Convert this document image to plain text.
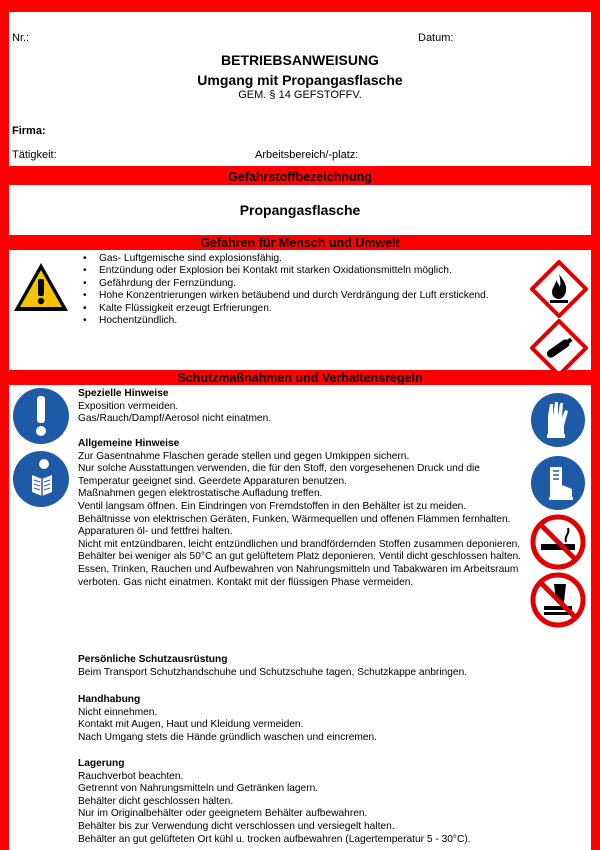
Nr.:	Datum:
BETRIEBSANWEISUNG
Umgang mit Propangasflasche
GEM. § 14 GEFSTOFFV.
Firma:
Tätigkeit:	Arbeitsbereich/-platz:
Gefahrstoffbezeichnung
Propangasflasche
Gefahren für Mensch und Umwelt
• Gas- Luftgemische sind explosionsfähig.
• Entzündung oder Explosion bei Kontakt mit starken Oxidationsmitteln möglich.
• Gefährdung der Fernzündung.
• Hohe Konzentrierungen wirken betäubend und durch Verdrängung der Luft erstickend.
• Kalte Flüssigkeit erzeugt Erfrierungen.
• Hochentzündlich.
Schutzmaßnahmen und Verhaltensregeln
Spezielle Hinweise
Exposition vermeiden.
Gas/Rauch/Dampf/Aerosol nicht einatmen.
Allgemeine Hinweise
Zur Gasentnahme Flaschen gerade stellen und gegen Umkippen sichern.
Nur solche Ausstattungen verwenden, die für den Stoff, den vorgesehenen Druck und die Temperatur geeignet sind. Geerdete Apparaturen benutzen.
Maßnahmen gegen elektrostatische Aufladung treffen.
Ventil langsam öffnen. Ein Eindringen von Fremdstoffen in den Behälter ist zu meiden.
Behältnisse von elektrischen Geräten, Funken, Wärmequellen und offenen Flammen fernhalten.
Apparaturen öl- und fettfrei halten.
Nicht mit entzündbaren, leicht entzündlichen und brandfördernden Stoffen zusammen deponieren.
Behälter bei weniger als 50°C an gut gelüftetem Platz deponieren. Ventil dicht geschlossen halten.
Essen, Trinken, Rauchen und Aufbewahren von Nahrungsmitteln und Tabakwaren im Arbeitsraum verboten. Gas nicht einatmen. Kontakt mit der flüssigen Phase vermeiden.
Persönliche Schutzausrüstung
Beim Transport Schutzhandschuhe und Schutzschuhe tagen, Schutzkappe anbringen.
Handhabung
Nicht einnehmen.
Kontakt mit Augen, Haut und Kleidung vermeiden.
Nach Umgang stets die Hände gründlich waschen und eincremen.
Lagerung
Rauchverbot beachten.
Getrennt von Nahrungsmitteln und Getränken lagern.
Behälter dicht geschlossen halten.
Nur im Originalbehälter oder geeignetem Behälter aufbewahren.
Behälter bis zur Verwendung dicht verschlossen und versiegelt halten.
Behälter an gut gelüfteten Ort kühl u. trocken aufbewahren (Lagertemperatur 5 - 30°C).
